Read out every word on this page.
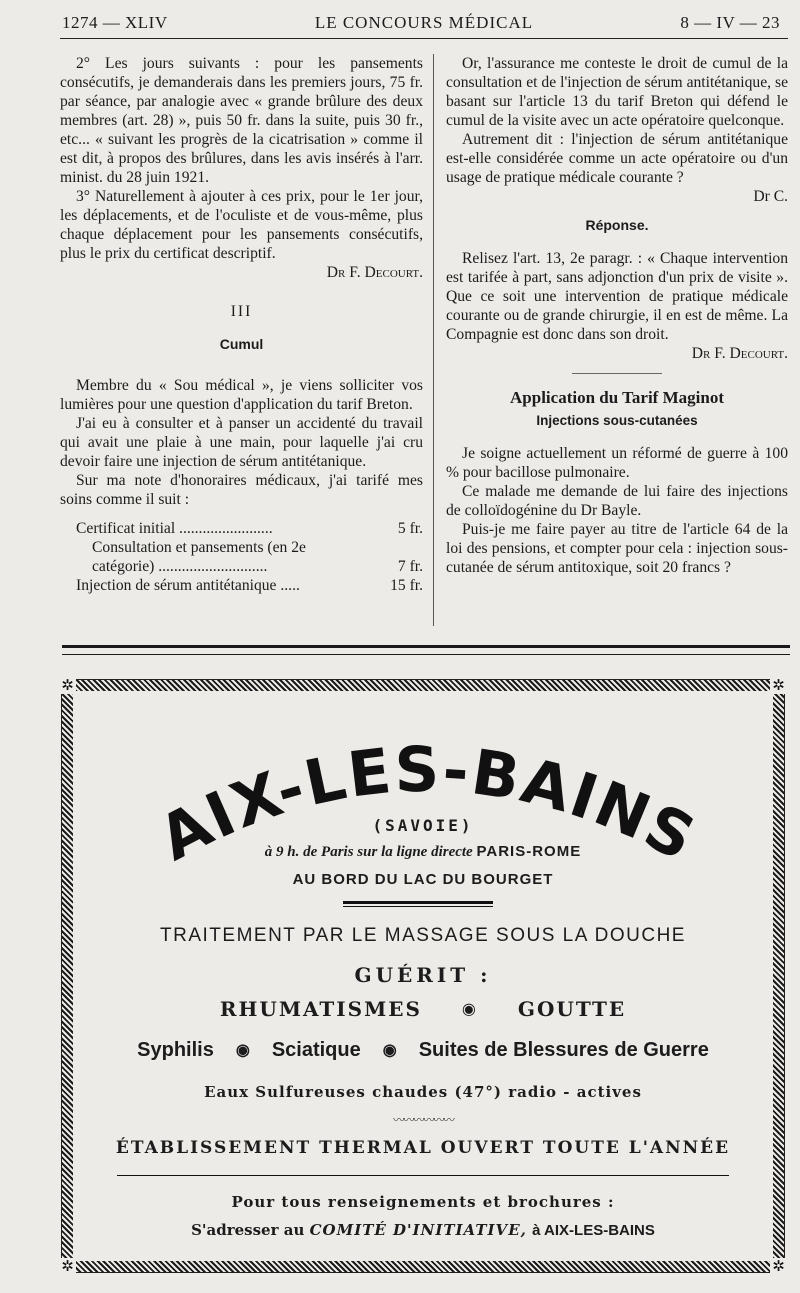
1274 — XLIV	LE CONCOURS MÉDICAL	8 — IV — 23

2° Les jours suivants : pour les pansements consécutifs, je demanderais dans les premiers jours, 75 fr. par séance, par analogie avec « grande brûlure des deux membres (art. 28) », puis 50 fr. dans la suite, puis 30 fr., etc... « suivant les progrès de la cicatrisation » comme il est dit, à propos des brûlures, dans les avis insérés à l'arr. minist. du 28 juin 1921.

3° Naturellement à ajouter à ces prix, pour le 1er jour, les déplacements, et de l'oculiste et de vous-même, plus chaque déplacement pour les pansements consécutifs, plus le prix du certificat descriptif.

Dr F. Decourt.

III
Cumul

Membre du « Sou médical », je viens solliciter vos lumières pour une question d'application du tarif Breton.

J'ai eu à consulter et à panser un accidenté du travail qui avait une plaie à une main, pour laquelle j'ai cru devoir faire une injection de sérum antitétanique.

Sur ma note d'honoraires médicaux, j'ai tarifé mes soins comme il suit :

Certificat initial ........................	5 fr.
Consultation et pansements (en 2e
catégorie) ............................	7 fr.
Injection de sérum antitétanique .....	15 fr.

Or, l'assurance me conteste le droit de cumul de la consultation et de l'injection de sérum antitétanique, se basant sur l'article 13 du tarif Breton qui défend le cumul de la visite avec un acte opératoire quelconque.

Autrement dit : l'injection de sérum antitétanique est-elle considérée comme un acte opératoire ou d'un usage de pratique médicale courante ?

Dr C.

Réponse.

Relisez l'art. 13, 2e paragr. : « Chaque intervention est tarifée à part, sans adjonction d'un prix de visite ». Que ce soit une intervention de pratique médicale courante ou de grande chirurgie, il en est de même. La Compagnie est donc dans son droit.

Dr F. Decourt.

Application du Tarif Maginot
Injections sous-cutanées

Je soigne actuellement un réformé de guerre à 100 % pour bacillose pulmonaire.

Ce malade me demande de lui faire des injections de colloïdogénine du Dr Bayle.

Puis-je me faire payer au titre de l'article 64 de la loi des pensions, et compter pour cela : injection sous-cutanée de sérum antitoxique, soit 20 francs ?

✲	✲
✲	✲
AIX-LES-BAINS
(SAVOIE)
à 9 h. de Paris sur la ligne directe PARIS-ROME
AU BORD DU LAC DU BOURGET
TRAITEMENT PAR LE MASSAGE SOUS LA DOUCHE
GUÉRIT :
RHUMATISMES	◉ GOUTTE
Syphilis ◉ Sciatique ◉ Suites de Blessures de Guerre
Eaux Sulfureuses chaudes (47°) radio - actives
〰〰〰〰〰〰
ÉTABLISSEMENT THERMAL OUVERT TOUTE L'ANNÉE
Pour tous renseignements et brochures :
S'adresser au COMITÉ D'INITIATIVE, à AIX-LES-BAINS
